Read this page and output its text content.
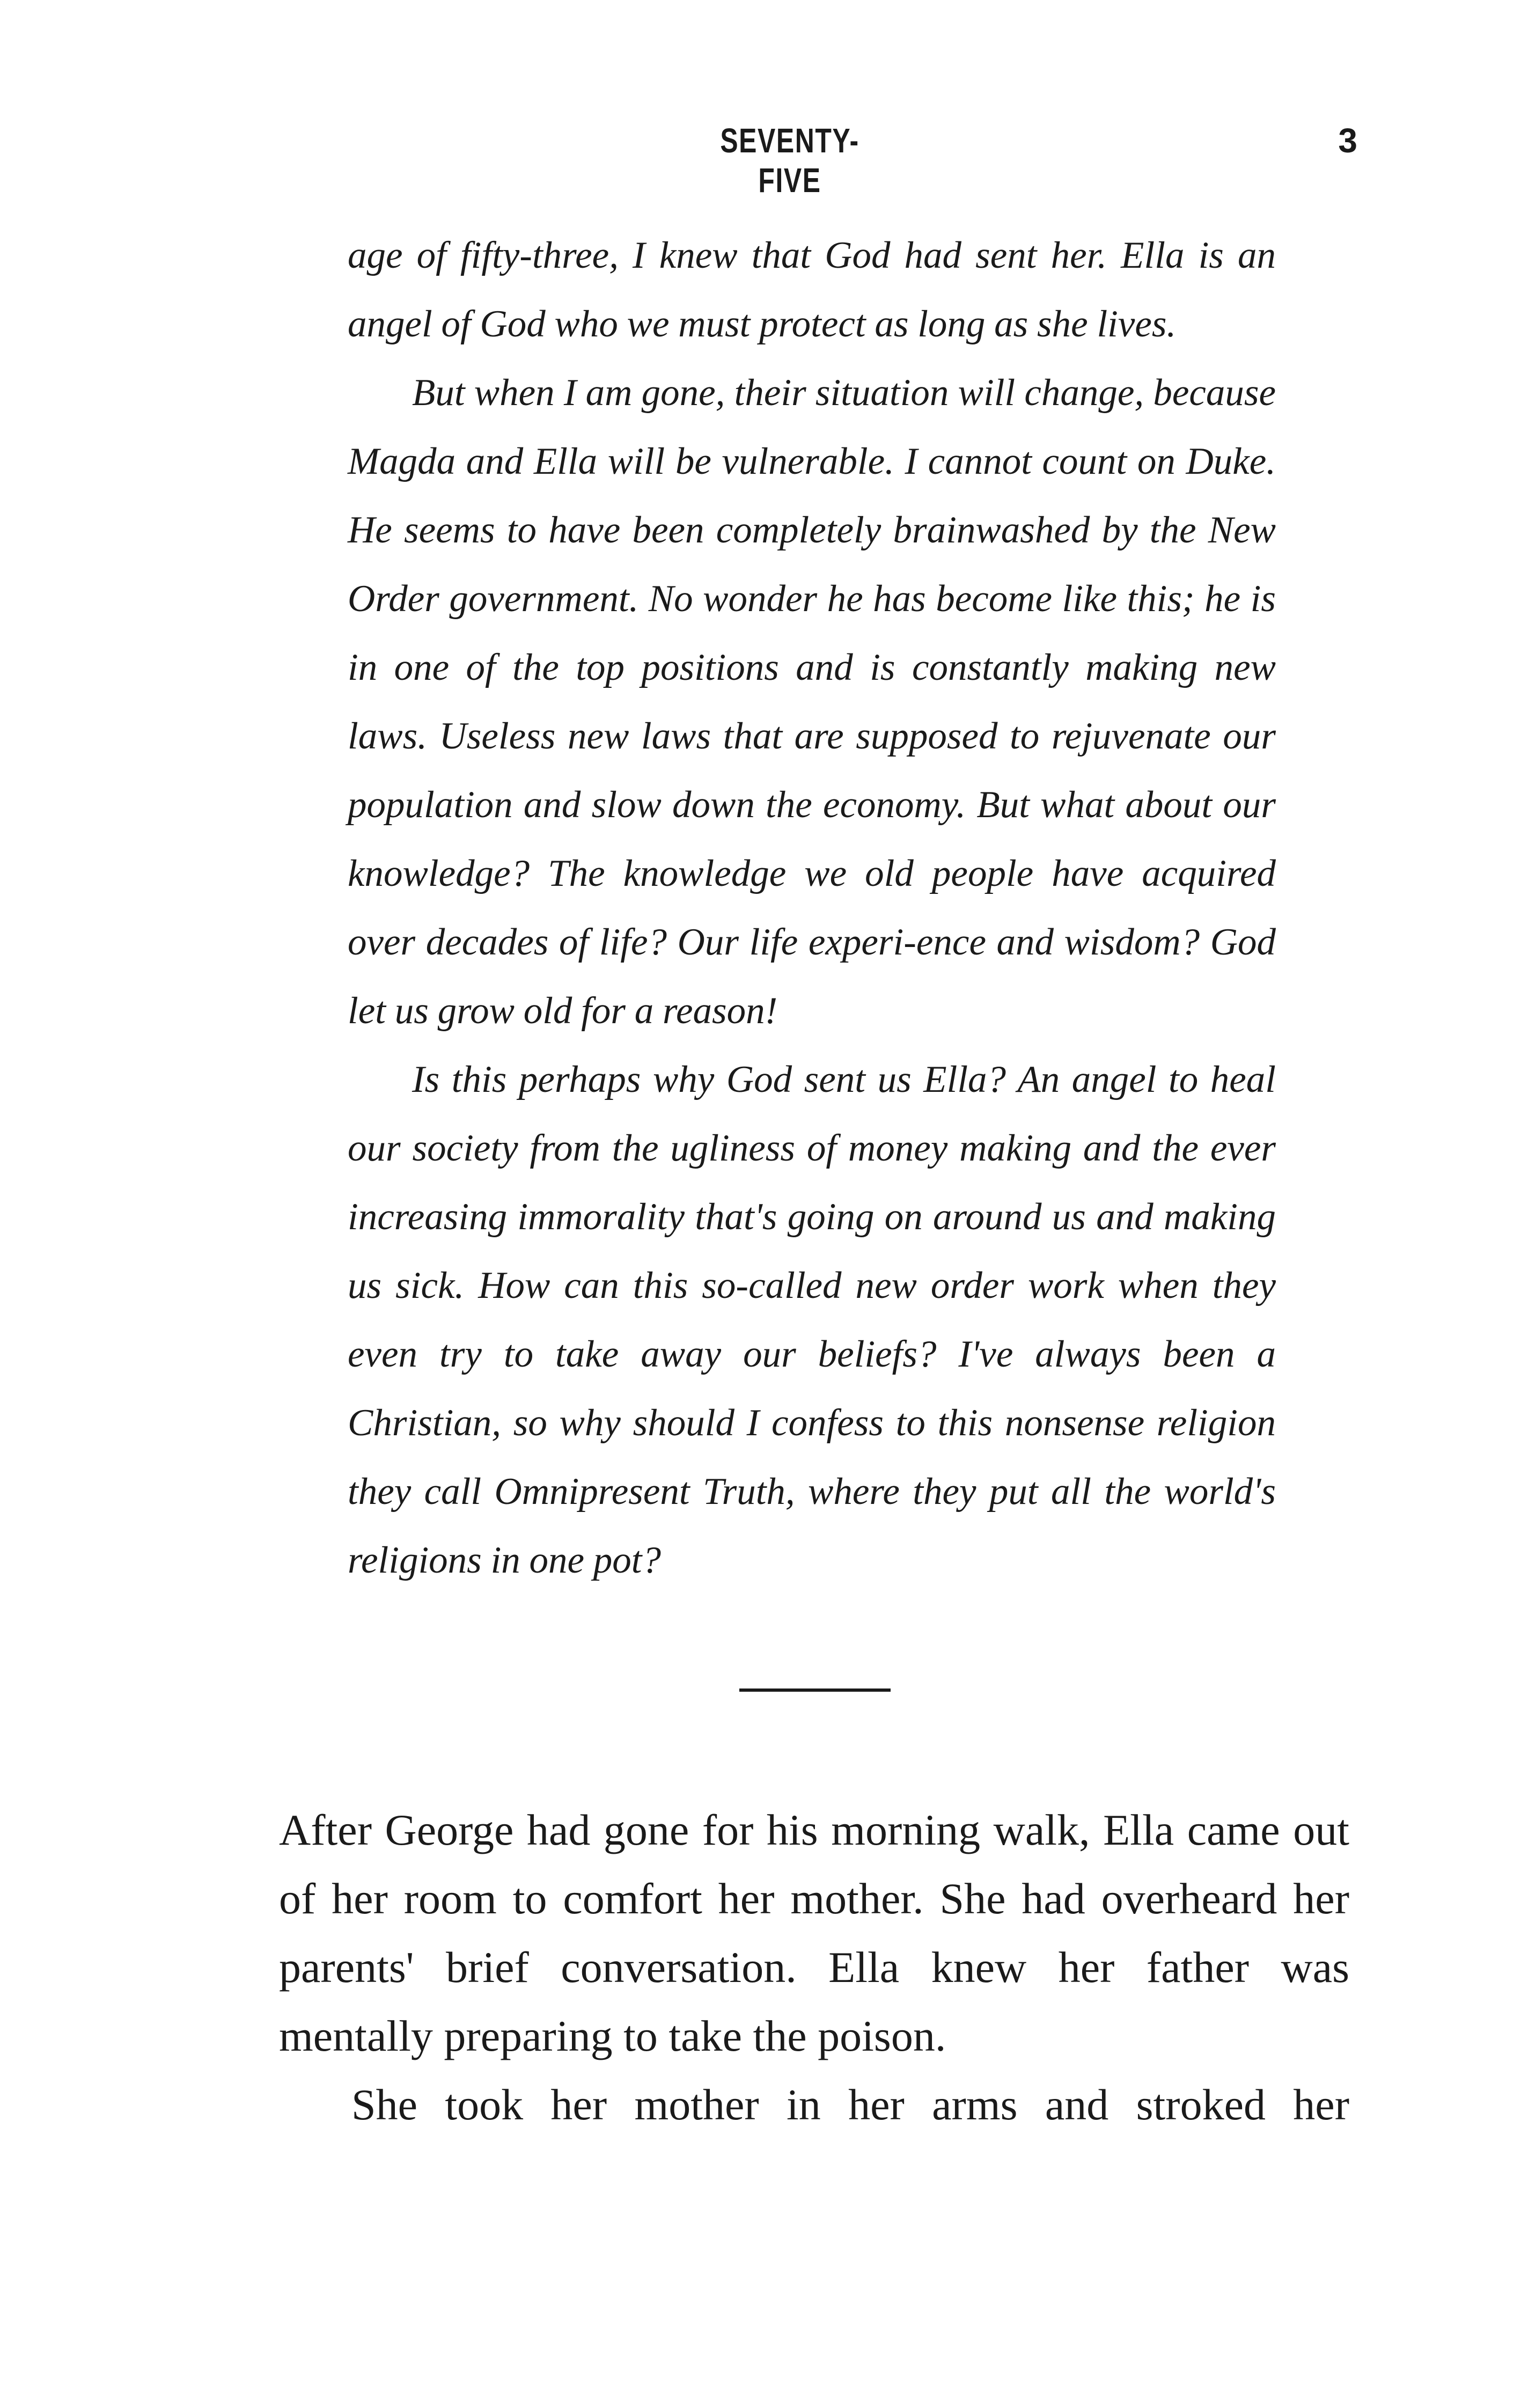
SEVENTY-FIVE
3

age of fifty-three, I knew that God had sent her. Ella is an angel of God who we must protect as long as she lives.

But when I am gone, their situation will change, because Magda and Ella will be vulnerable. I cannot count on Duke. He seems to have been completely brainwashed by the New Order government. No wonder he has become like this; he is in one of the top positions and is constantly making new laws. Useless new laws that are supposed to rejuvenate our population and slow down the economy. But what about our knowledge? The knowledge we old people have acquired over decades of life? Our life experi-ence and wisdom? God let us grow old for a reason!

Is this perhaps why God sent us Ella? An angel to heal our society from the ugliness of money making and the ever increasing immorality that's going on around us and making us sick. How can this so-called new order work when they even try to take away our beliefs? I've always been a Christian, so why should I confess to this nonsense religion they call Omnipresent Truth, where they put all the world's religions in one pot?

After George had gone for his morning walk, Ella came out of her room to comfort her mother. She had overheard her parents' brief conversation. Ella knew her father was mentally preparing to take the poison.

She took her mother in her arms and stroked her
